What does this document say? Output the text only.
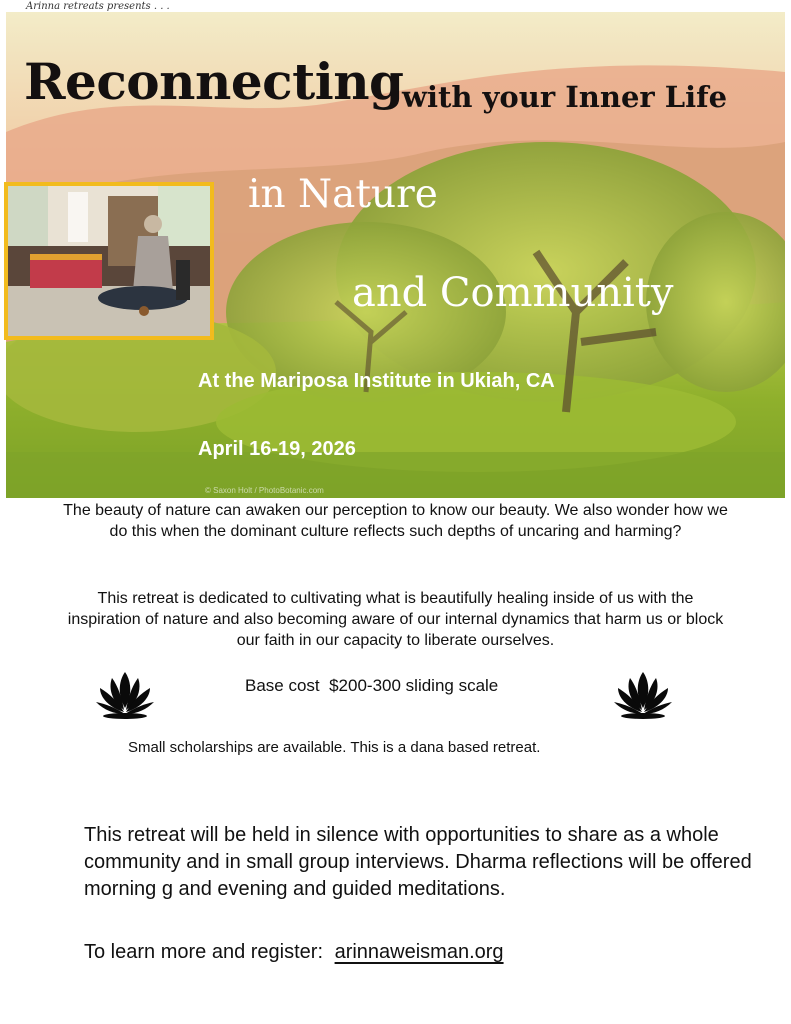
Arinna retreats presents . . .
© Saxon Holt / PhotoBotanic.com
Reconnecting
with your Inner Life
in Nature
and Community
At the Mariposa Institute in Ukiah, CA
April 16-19, 2026
The beauty of nature can awaken our perception to know our beauty. We also wonder how we do this when the dominant culture reflects such depths of uncaring and harming?
This retreat is dedicated to cultivating what is beautifully healing inside of us with the inspiration of nature and also becoming aware of our internal dynamics that harm us or block our faith in our capacity to liberate ourselves.
Base cost  $200-300 sliding scale
Small scholarships are available. This is a dana based retreat.
This retreat will be held in silence with opportunities to share as a whole community and in small group interviews. Dharma reflections will be offered morning g and evening and guided meditations.
To learn more and register: arinnaweisman.org
